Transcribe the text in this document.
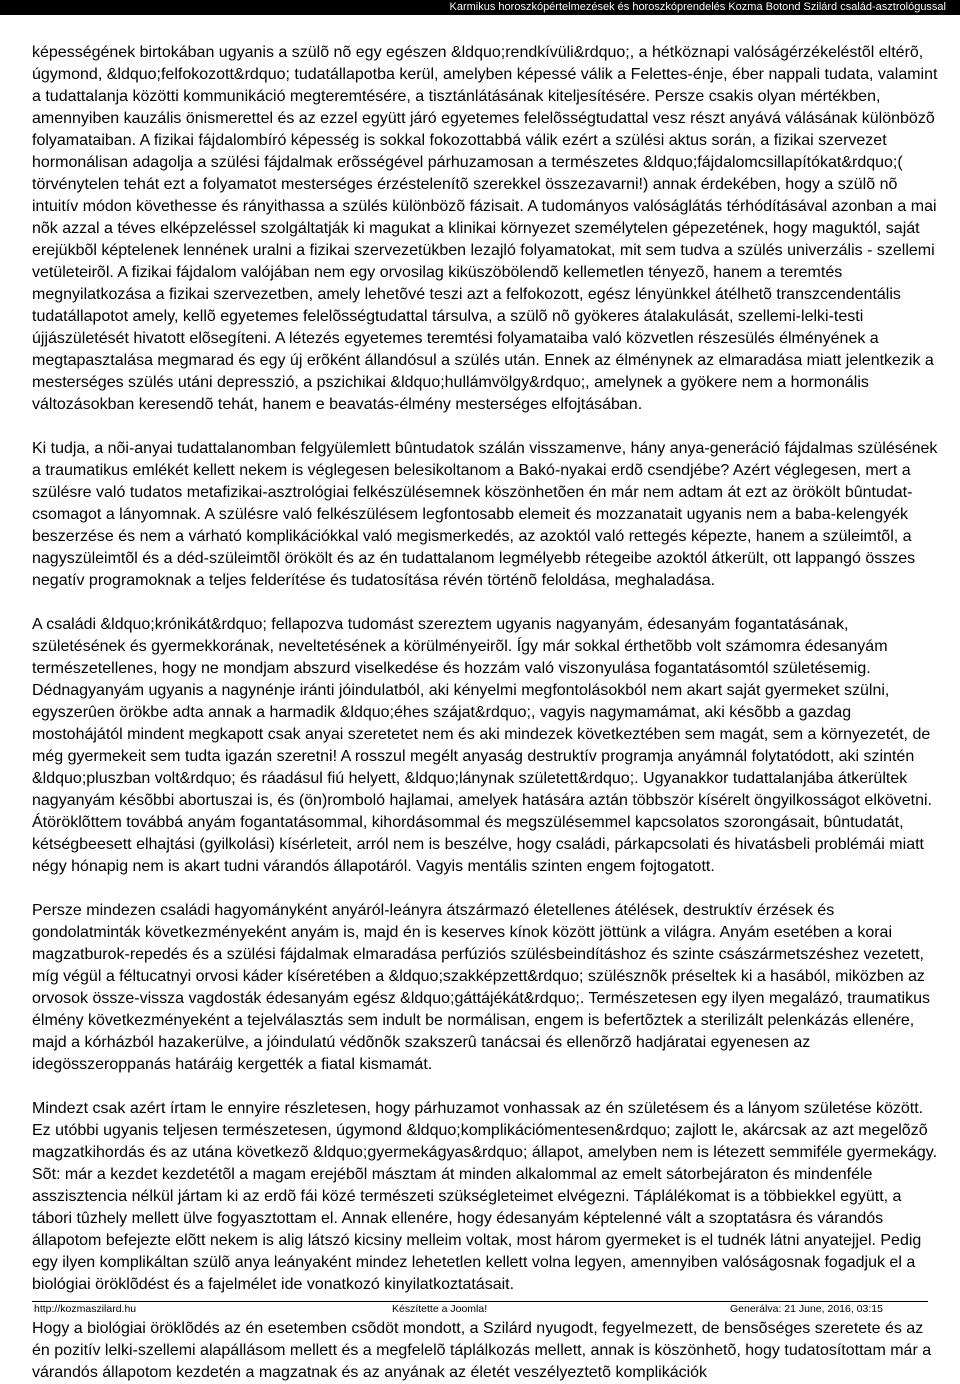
Karmikus horoszkópértelmezések és horoszkóprendelés Kozma Botond Szilárd család-asztrológussal

képességének birtokában ugyanis a szülõ nõ egy egészen &ldquo;rendkívüli&rdquo;, a hétköznapi valóságérzékeléstõl eltérõ, úgymond, &ldquo;felfokozott&rdquo; tudatállapotba kerül, amelyben képessé válik a Felettes-énje, éber nappali tudata, valamint a tudattalanja közötti kommunikáció megteremtésére, a tisztánlátásának kiteljesítésére. Persze csakis olyan mértékben, amennyiben kauzális önismerettel és az ezzel együtt járó egyetemes felelõsségtudattal vesz részt anyává válásának különbözõ folyamataiban. A fizikai fájdalombíró képesség is sokkal fokozottabbá válik ezért a szülési aktus során, a fizikai szervezet hormonálisan adagolja a szülési fájdalmak erõsségével párhuzamosan a természetes &ldquo;fájdalomcsillapítókat&rdquo;( törvénytelen tehát ezt a folyamatot mesterséges érzéstelenítõ szerekkel összezavarni!) annak érdekében, hogy a szülõ nõ intuitív módon követhesse és rányithassa a szülés különbözõ fázisait. A tudományos valóságlátás térhódításával azonban a mai nõk azzal a téves elképzeléssel szolgáltatják ki magukat a klinikai környezet személytelen gépezetének, hogy maguktól, saját erejükbõl képtelenek lennének uralni a fizikai szervezetükben lezajló folyamatokat, mit sem tudva a szülés univerzális - szellemi vetületeirõl. A fizikai fájdalom valójában nem egy orvosilag kiküszöbölendõ kellemetlen tényezõ, hanem a teremtés megnyilatkozása a fizikai szervezetben, amely lehetõvé teszi azt a felfokozott, egész lényünkkel átélhetõ transzcendentális tudatállapotot amely, kellõ egyetemes felelõsségtudattal társulva, a szülõ nõ gyökeres átalakulását, szellemi-lelki-testi újjászületését hivatott elõsegíteni. A létezés egyetemes teremtési folyamataiba való közvetlen részesülés élményének a megtapasztalása megmarad és egy új erõként állandósul a szülés után. Ennek az élménynek az elmaradása miatt jelentkezik a mesterséges szülés utáni depresszió, a pszichikai &ldquo;hullámvölgy&rdquo;, amelynek a gyökere nem a hormonális változásokban keresendõ tehát, hanem e beavatás-élmény mesterséges elfojtásában.

Ki tudja, a nõi-anyai tudattalanomban felgyülemlett bûntudatok szálán visszamenve, hány anya-generáció fájdalmas szülésének a traumatikus emlékét kellett nekem is véglegesen belesikoltanom a Bakó-nyakai erdõ csendjébe? Azért véglegesen, mert a szülésre való tudatos metafizikai-asztrológiai felkészülésemnek köszönhetõen én már nem adtam át ezt az örökölt bûntudat-csomagot a lányomnak. A szülésre való felkészülésem legfontosabb elemeit és mozzanatait ugyanis nem a baba-kelengyék beszerzése és nem a várható komplikációkkal való megismerkedés, az azoktól való rettegés képezte, hanem a szüleimtõl, a nagyszüleimtõl és a déd-szüleimtõl örökölt és az én tudattalanom legmélyebb rétegeibe azoktól átkerült, ott lappangó összes negatív programoknak a teljes felderítése és tudatosítása révén történõ feloldása, meghaladása.

A családi &ldquo;krónikát&rdquo; fellapozva tudomást szereztem ugyanis nagyanyám, édesanyám fogantatásának, születésének és gyermekkorának, neveltetésének a körülményeirõl. Így már sokkal érthetõbb volt számomra édesanyám természetellenes, hogy ne mondjam abszurd viselkedése és hozzám való viszonyulása fogantatásomtól születésemig. Dédnagyanyám ugyanis a nagynénje iránti jóindulatból, aki kényelmi megfontolásokból nem akart saját gyermeket szülni, egyszerûen örökbe adta annak a harmadik &ldquo;éhes szájat&rdquo;, vagyis nagymamámat, aki késõbb a gazdag mostohájától mindent megkapott csak anyai szeretetet nem és aki mindezek következtében sem magát, sem a környezetét, de még gyermekeit sem tudta igazán szeretni! A rosszul megélt anyaság destruktív programja anyámnál folytatódott, aki szintén &ldquo;pluszban volt&rdquo; és ráadásul fiú helyett, &ldquo;lánynak született&rdquo;. Ugyanakkor tudattalanjába átkerültek nagyanyám késõbbi abortuszai is, és (ön)romboló hajlamai, amelyek hatására aztán többször kísérelt öngyilkosságot elkövetni. Átöröklõttem továbbá anyám fogantatásommal, kihordásommal és megszülésemmel kapcsolatos szorongásait, bûntudatát, kétségbeesett elhajtási (gyilkolási) kísérleteit, arról nem is beszélve, hogy családi, párkapcsolati és hivatásbeli problémái miatt négy hónapig nem is akart tudni várandós állapotáról. Vagyis mentális szinten engem fojtogatott.

Persze mindezen családi hagyományként anyáról-leányra átszármazó életellenes átélések, destruktív érzések és gondolatminták következményeként anyám is, majd én is keserves kínok között jöttünk a világra. Anyám esetében a korai magzatburok-repedés és a szülési fájdalmak elmaradása perfúziós szülésbeindításhoz és szinte császármetszéshez vezetett, míg végül a féltucatnyi orvosi káder kíséretében a &ldquo;szakképzett&rdquo; szülésznõk préseltek ki a hasából, miközben az orvosok össze-vissza vagdosták édesanyám egész &ldquo;gáttájékát&rdquo;. Természetesen egy ilyen megalázó, traumatikus élmény következményeként a tejelválasztás sem indult be normálisan, engem is befertõztek a sterilizált pelenkázás ellenére, majd a kórházból hazakerülve, a jóindulatú védõnõk szakszerû tanácsai és ellenõrzõ hadjáratai egyenesen az idegösszeroppanás határáig kergették a fiatal kismamát.

Mindezt csak azért írtam le ennyire részletesen, hogy párhuzamot vonhassak az én születésem és a lányom születése között. Ez utóbbi ugyanis teljesen természetesen, úgymond &ldquo;komplikációmentesen&rdquo; zajlott le, akárcsak az azt megelõzõ magzatkihordás és az utána következõ &ldquo;gyermekágyas&rdquo; állapot, amelyben nem is létezett semmiféle gyermekágy. Sõt: már a kezdet kezdetétõl a magam erejébõl másztam át minden alkalommal az emelt sátorbejáraton és mindenféle asszisztencia nélkül jártam ki az erdõ fái közé természeti szükségleteimet elvégezni. Táplálékomat is a többiekkel együtt, a tábori tûzhely mellett ülve fogyasztottam el. Annak ellenére, hogy édesanyám képtelenné vált a szoptatásra és várandós állapotom befejezte elõtt nekem is alig látszó kicsiny melleim voltak, most három gyermeket is el tudnék látni anyatejjel. Pedig egy ilyen komplikáltan szülõ anya leányaként mindez lehetetlen kellett volna legyen, amennyiben valóságosnak fogadjuk el a biológiai öröklõdést és a fajelmélet ide vonatkozó kinyilatkoztatásait.

Hogy a biológiai öröklõdés az én esetemben csõdöt mondott, a Szilárd nyugodt, fegyelmezett, de bensõséges szeretete és az én pozitív lelki-szellemi alapállásom mellett és a megfelelõ táplálkozás mellett, annak is köszönhetõ, hogy tudatosítottam már a várandós állapotom kezdetén a magzatnak és az anyának az életét veszélyeztetõ komplikációk

http://kozmaszilard.hu	Készítette a Joomla!	Generálva: 21 June, 2016, 03:15
